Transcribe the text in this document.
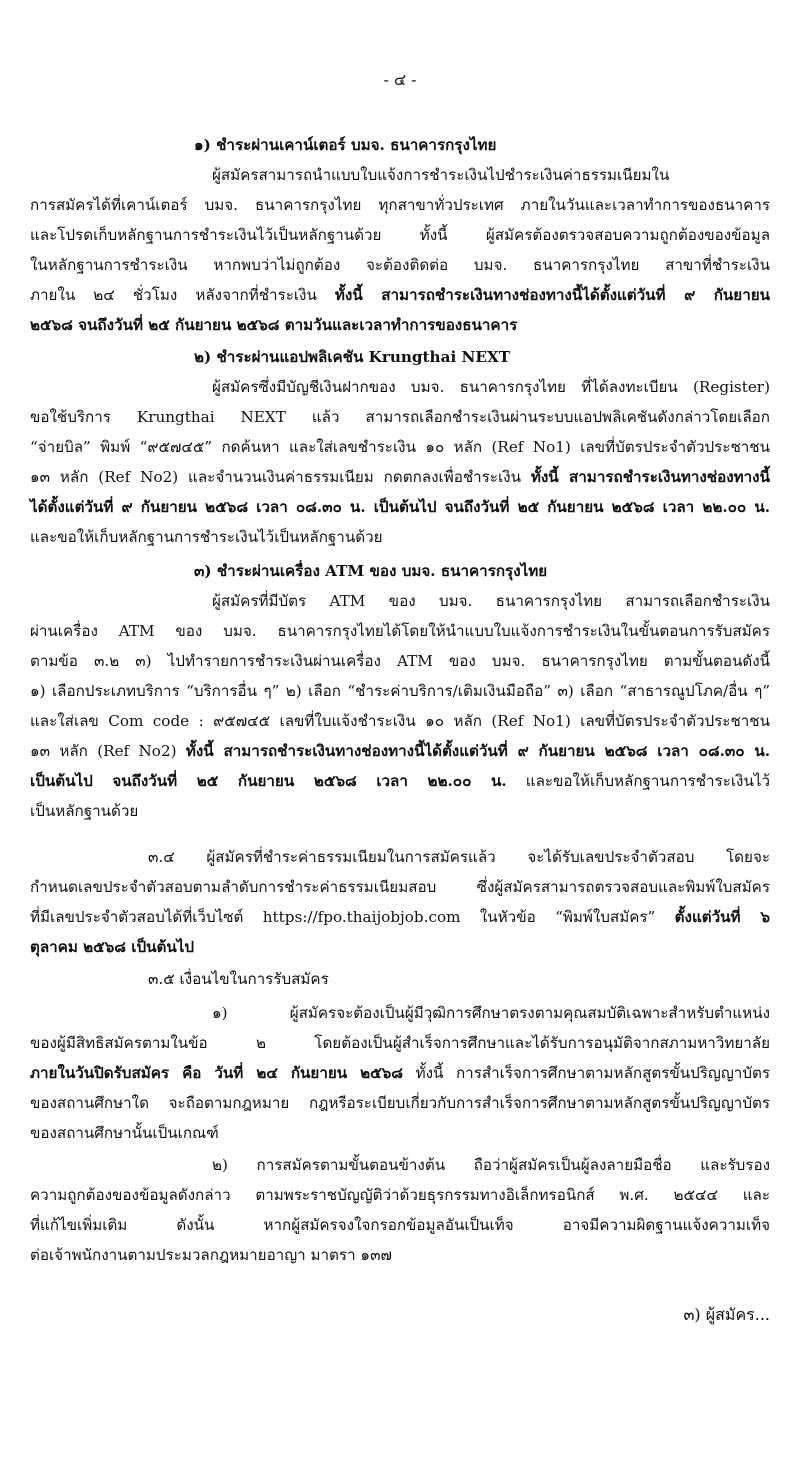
- ๔ -
๑) ชำระผ่านเคาน์เตอร์ บมจ. ธนาคารกรุงไทย
ผู้สมัครสามารถนำแบบใบแจ้งการชำระเงินไปชำระเงินค่าธรรมเนียมใน
การสมัครได้ที่เคาน์เตอร์ บมจ. ธนาคารกรุงไทย ทุกสาขาทั่วประเทศ ภายในวันและเวลาทำการของธนาคาร
และโปรดเก็บหลักฐานการชำระเงินไว้เป็นหลักฐานด้วย ทั้งนี้ ผู้สมัครต้องตรวจสอบความถูกต้องของข้อมูล
ในหลักฐานการชำระเงิน หากพบว่าไม่ถูกต้อง จะต้องติดต่อ บมจ. ธนาคารกรุงไทย สาขาที่ชำระเงิน
ภายใน ๒๔ ชั่วโมง หลังจากที่ชำระเงิน ทั้งนี้ สามารถชำระเงินทางช่องทางนี้ได้ตั้งแต่วันที่ ๙ กันยายน
๒๕๖๘ จนถึงวันที่ ๒๕ กันยายน ๒๕๖๘ ตามวันและเวลาทำการของธนาคาร
๒) ชำระผ่านแอปพลิเคชัน Krungthai NEXT
ผู้สมัครซึ่งมีบัญชีเงินฝากของ บมจ. ธนาคารกรุงไทย ที่ได้ลงทะเบียน (Register)
ขอใช้บริการ Krungthai NEXT แล้ว สามารถเลือกชำระเงินผ่านระบบแอปพลิเคชันดังกล่าวโดยเลือก
“จ่ายบิล” พิมพ์ “๙๕๗๔๕” กดค้นหา และใส่เลขชำระเงิน ๑๐ หลัก (Ref No1) เลขที่บัตรประจำตัวประชาชน
๑๓ หลัก (Ref No2) และจำนวนเงินค่าธรรมเนียม กดตกลงเพื่อชำระเงิน ทั้งนี้ สามารถชำระเงินทางช่องทางนี้
ได้ตั้งแต่วันที่ ๙ กันยายน ๒๕๖๘ เวลา ๐๘.๓๐ น. เป็นต้นไป จนถึงวันที่ ๒๕ กันยายน ๒๕๖๘ เวลา ๒๒.๐๐ น.
และขอให้เก็บหลักฐานการชำระเงินไว้เป็นหลักฐานด้วย
๓) ชำระผ่านเครื่อง ATM ของ บมจ. ธนาคารกรุงไทย
ผู้สมัครที่มีบัตร ATM ของ บมจ. ธนาคารกรุงไทย สามารถเลือกชำระเงิน
ผ่านเครื่อง ATM ของ บมจ. ธนาคารกรุงไทยได้โดยให้นำแบบใบแจ้งการชำระเงินในขั้นตอนการรับสมัคร
ตามข้อ ๓.๒ ๓) ไปทำรายการชำระเงินผ่านเครื่อง ATM ของ บมจ. ธนาคารกรุงไทย ตามขั้นตอนดังนี้
๑) เลือกประเภทบริการ “บริการอื่น ๆ” ๒) เลือก “ชำระค่าบริการ/เติมเงินมือถือ” ๓) เลือก “สาธารณูปโภค/อื่น ๆ”
และใส่เลข Com code : ๙๕๗๔๕ เลขที่ใบแจ้งชำระเงิน ๑๐ หลัก (Ref No1) เลขที่บัตรประจำตัวประชาชน
๑๓ หลัก (Ref No2) ทั้งนี้ สามารถชำระเงินทางช่องทางนี้ได้ตั้งแต่วันที่ ๙ กันยายน ๒๕๖๘ เวลา ๐๘.๓๐ น.
เป็นต้นไป จนถึงวันที่ ๒๕ กันยายน ๒๕๖๘ เวลา ๒๒.๐๐ น. และขอให้เก็บหลักฐานการชำระเงินไว้
เป็นหลักฐานด้วย
๓.๔ ผู้สมัครที่ชำระค่าธรรมเนียมในการสมัครแล้ว จะได้รับเลขประจำตัวสอบ โดยจะ
กำหนดเลขประจำตัวสอบตามลำดับการชำระค่าธรรมเนียมสอบ ซึ่งผู้สมัครสามารถตรวจสอบและพิมพ์ใบสมัคร
ที่มีเลขประจำตัวสอบได้ที่เว็บไซต์ https://fpo.thaijobjob.com ในหัวข้อ “พิมพ์ใบสมัคร” ตั้งแต่วันที่ ๖
ตุลาคม ๒๕๖๘ เป็นต้นไป
๓.๕ เงื่อนไขในการรับสมัคร
๑) ผู้สมัครจะต้องเป็นผู้มีวุฒิการศึกษาตรงตามคุณสมบัติเฉพาะสำหรับตำแหน่ง
ของผู้มีสิทธิสมัครตามในข้อ ๒ โดยต้องเป็นผู้สำเร็จการศึกษาและได้รับการอนุมัติจากสภามหาวิทยาลัย
ภายในวันปิดรับสมัคร คือ วันที่ ๒๔ กันยายน ๒๕๖๘ ทั้งนี้ การสำเร็จการศึกษาตามหลักสูตรขั้นปริญญาบัตร
ของสถานศึกษาใด จะถือตามกฎหมาย กฎหรือระเบียบเกี่ยวกับการสำเร็จการศึกษาตามหลักสูตรขั้นปริญญาบัตร
ของสถานศึกษานั้นเป็นเกณฑ์
๒) การสมัครตามขั้นตอนข้างต้น ถือว่าผู้สมัครเป็นผู้ลงลายมือชื่อ และรับรอง
ความถูกต้องของข้อมูลดังกล่าว ตามพระราชบัญญัติว่าด้วยธุรกรรมทางอิเล็กทรอนิกส์ พ.ศ. ๒๕๔๔ และ
ที่แก้ไขเพิ่มเติม ดังนั้น หากผู้สมัครจงใจกรอกข้อมูลอันเป็นเท็จ อาจมีความผิดฐานแจ้งความเท็จ
ต่อเจ้าพนักงานตามประมวลกฎหมายอาญา มาตรา ๑๓๗
๓) ผู้สมัคร...
